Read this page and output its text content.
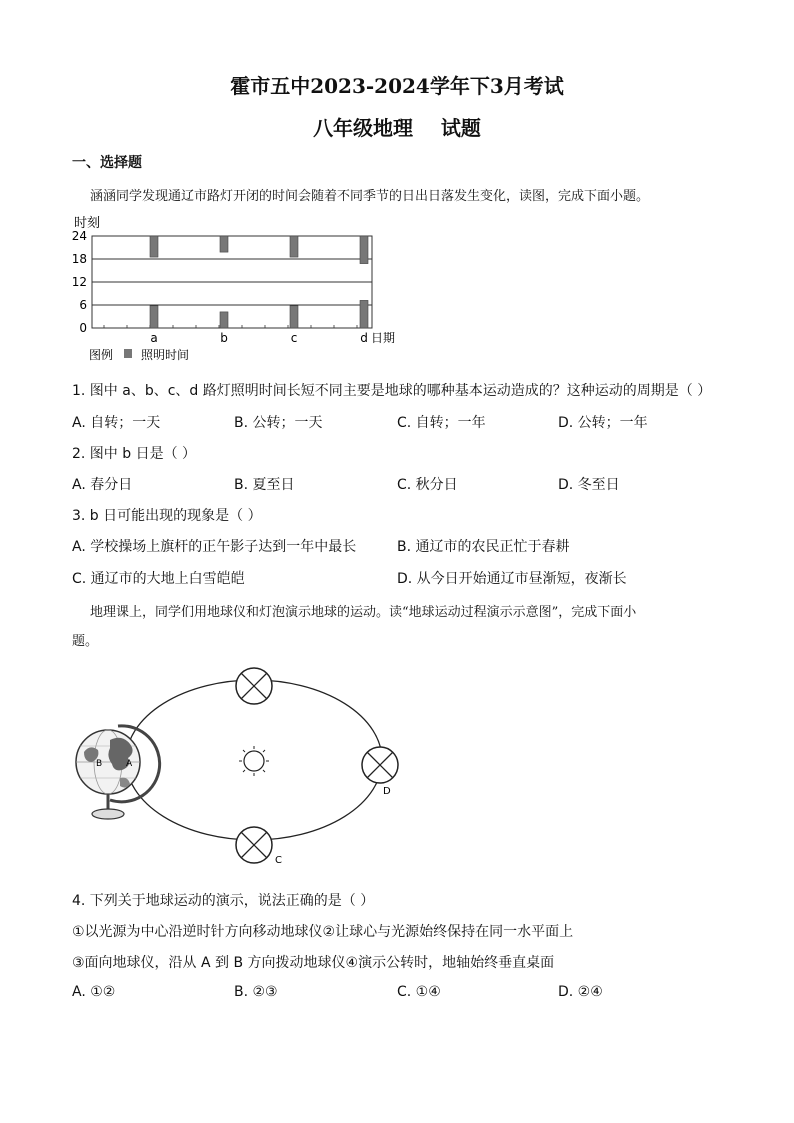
霍市五中2023-2024学年下3月考试
八年级地理    试题
一、选择题
涵涵同学发现通辽市路灯开闭的时间会随着不同季节的日出日落发生变化，读图，完成下面小题。
时刻
0
6
12
18
24
a	b	c	d 日期
图例 照明时间
1. 图中 a、b、c、d 路灯照明时间长短不同主要是地球的哪种基本运动造成的？这种运动的周期是（ ）
A. 自转；一天	B. 公转；一天	C. 自转；一年	D. 公转；一年
2. 图中 b 日是（ ）
A. 春分日	B. 夏至日	C. 秋分日	D. 冬至日
3. b 日可能出现的现象是（ ）
A. 学校操场上旗杆的正午影子达到一年中最长	B. 通辽市的农民正忙于春耕
C. 通辽市的大地上白雪皑皑	D. 从今日开始通辽市昼渐短，夜渐长
地理课上，同学们用地球仪和灯泡演示地球的运动。读“地球运动过程演示示意图”，完成下面小
题。
D
C
B	A
4. 下列关于地球运动的演示，说法正确的是（ ）
①以光源为中心沿逆时针方向移动地球仪②让球心与光源始终保持在同一水平面上
③面向地球仪，沿从 A 到 B 方向拨动地球仪④演示公转时，地轴始终垂直桌面
A. ①②	B. ②③	C. ①④	D. ②④
